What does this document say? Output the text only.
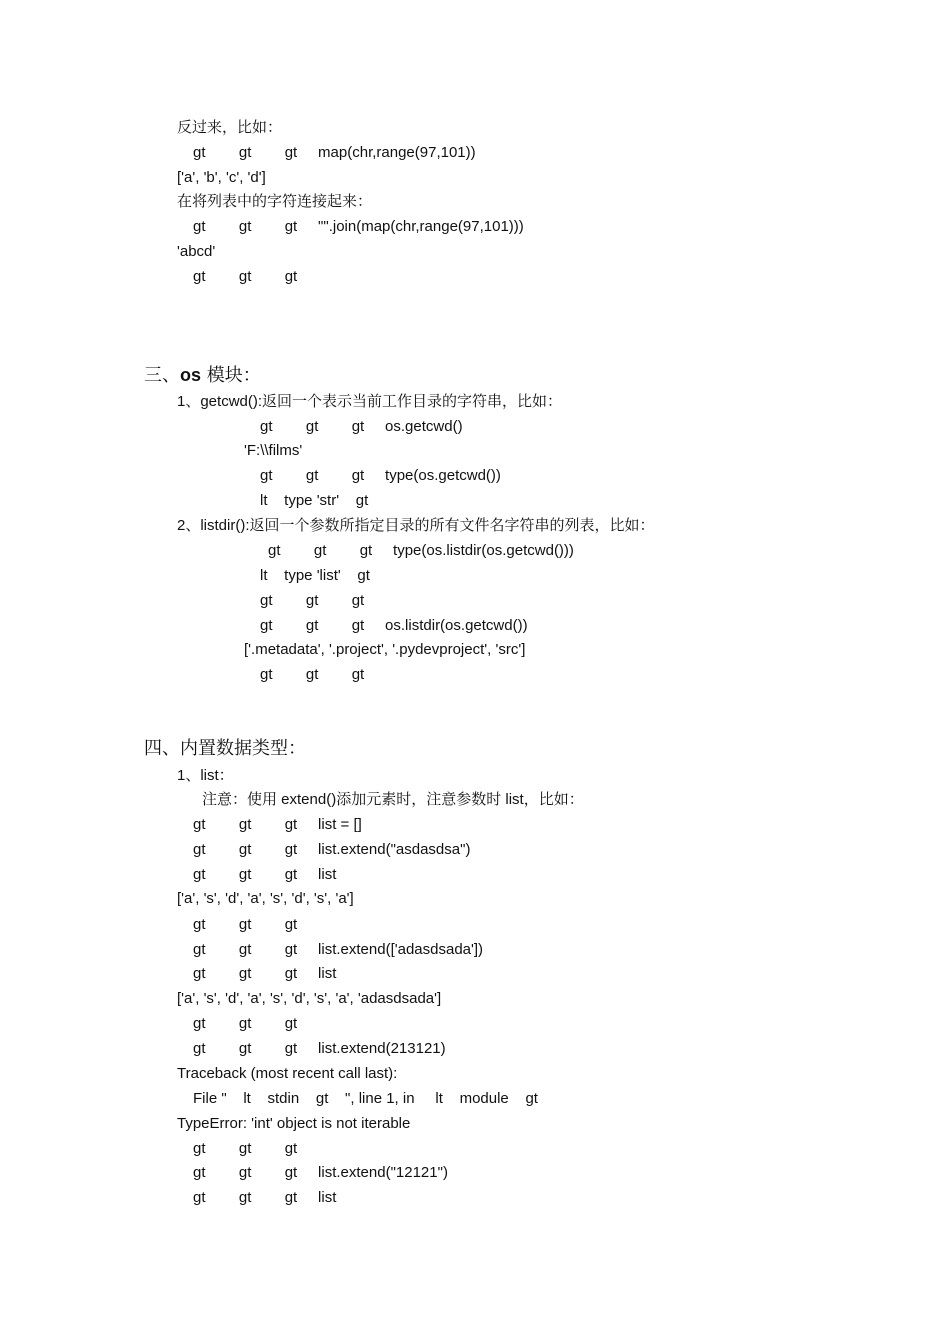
反过来，比如：
gt        gt        gt     map(chr,range(97,101))
['a', 'b', 'c', 'd']
在将列表中的字符连接起来：
gt        gt        gt     "".join(map(chr,range(97,101)))
'abcd'
gt        gt        gt
三、os 模块：
1、getcwd():返回一个表示当前工作目录的字符串，比如：
gt        gt        gt     os.getcwd()
'F:\\films'
gt        gt        gt     type(os.getcwd())
lt    type 'str'    gt
2、listdir():返回一个参数所指定目录的所有文件名字符串的列表，比如：
gt        gt        gt     type(os.listdir(os.getcwd()))
lt    type 'list'    gt
gt        gt        gt
gt        gt        gt     os.listdir(os.getcwd())
['.metadata', '.project', '.pydevproject', 'src']
gt        gt        gt
四、内置数据类型：
1、list：
注意：使用 extend()添加元素时，注意参数时 list，比如：
gt        gt        gt     list = []
gt        gt        gt     list.extend("asdasdsa")
gt        gt        gt     list
['a', 's', 'd', 'a', 's', 'd', 's', 'a']
gt        gt        gt
gt        gt        gt     list.extend(['adasdsada'])
gt        gt        gt     list
['a', 's', 'd', 'a', 's', 'd', 's', 'a', 'adasdsada']
gt        gt        gt
gt        gt        gt     list.extend(213121)
Traceback (most recent call last):
File "    lt    stdin    gt    ", line 1, in     lt    module    gt
TypeError: 'int' object is not iterable
gt        gt        gt
gt        gt        gt     list.extend("12121")
gt        gt        gt     list
